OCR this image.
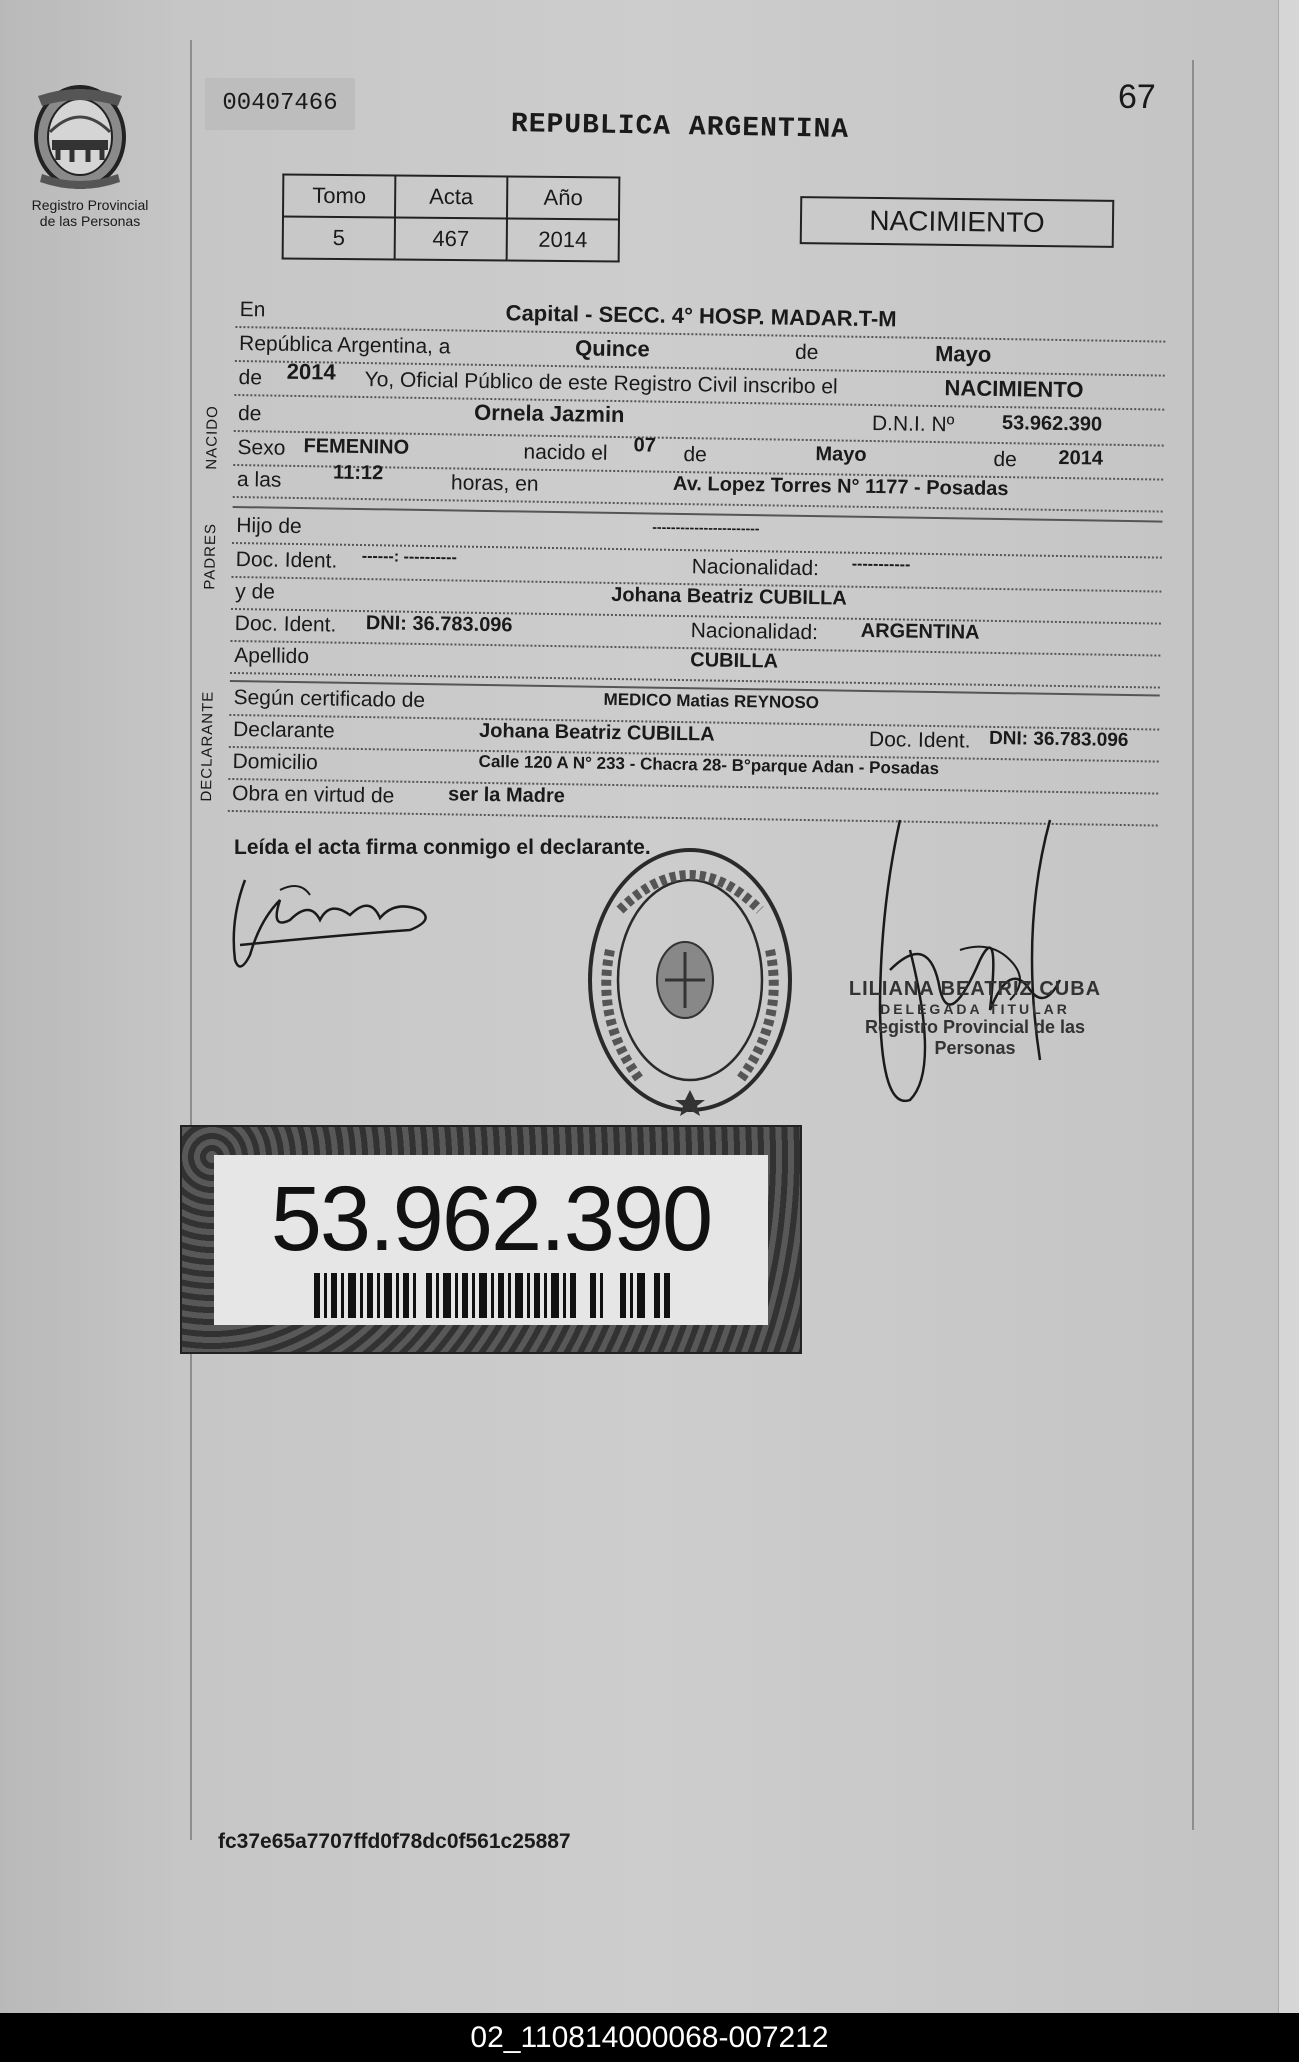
Registro Provincial
de las Personas
00407466	67
REPUBLICA ARGENTINA
Tomo	Acta	Año
5	467	2014
NACIMIENTO
NACIDO
PADRES
DECLARANTE
En	Capital - SECC. 4° HOSP. MADAR.T-M
República Argentina, a	Quince	de	Mayo
de 2014 Yo, Oficial Público de este Registro Civil inscribo el	NACIMIENTO
de	Ornela Jazmin	D.N.I. Nº 53.962.390
Sexo FEMENINO	nacido el 07 de	Mayo	de 2014
a las	11:12	horas, en	Av. Lopez Torres N° 1177 - Posadas
Hijo de	-----------------------
Doc. Ident. ------: ----------	Nacionalidad: -----------
y de	Johana Beatriz CUBILLA
Doc. Ident. DNI: 36.783.096	Nacionalidad: ARGENTINA
Apellido	CUBILLA
Según certificado de	MEDICO Matias REYNOSO
Declarante	Johana Beatriz CUBILLA	Doc. Ident. DNI: 36.783.096
Domicilio	Calle 120 A N° 233 - Chacra 28- B°parque Adan - Posadas
Obra en virtud de	ser la Madre
Leída el acta firma conmigo el declarante.
LILIANA BEATRIZ CUBA
DELEGADA TITULAR
Registro Provincial de las Personas
53.962.390
fc37e65a7707ffd0f78dc0f561c25887
02_110814000068-007212
